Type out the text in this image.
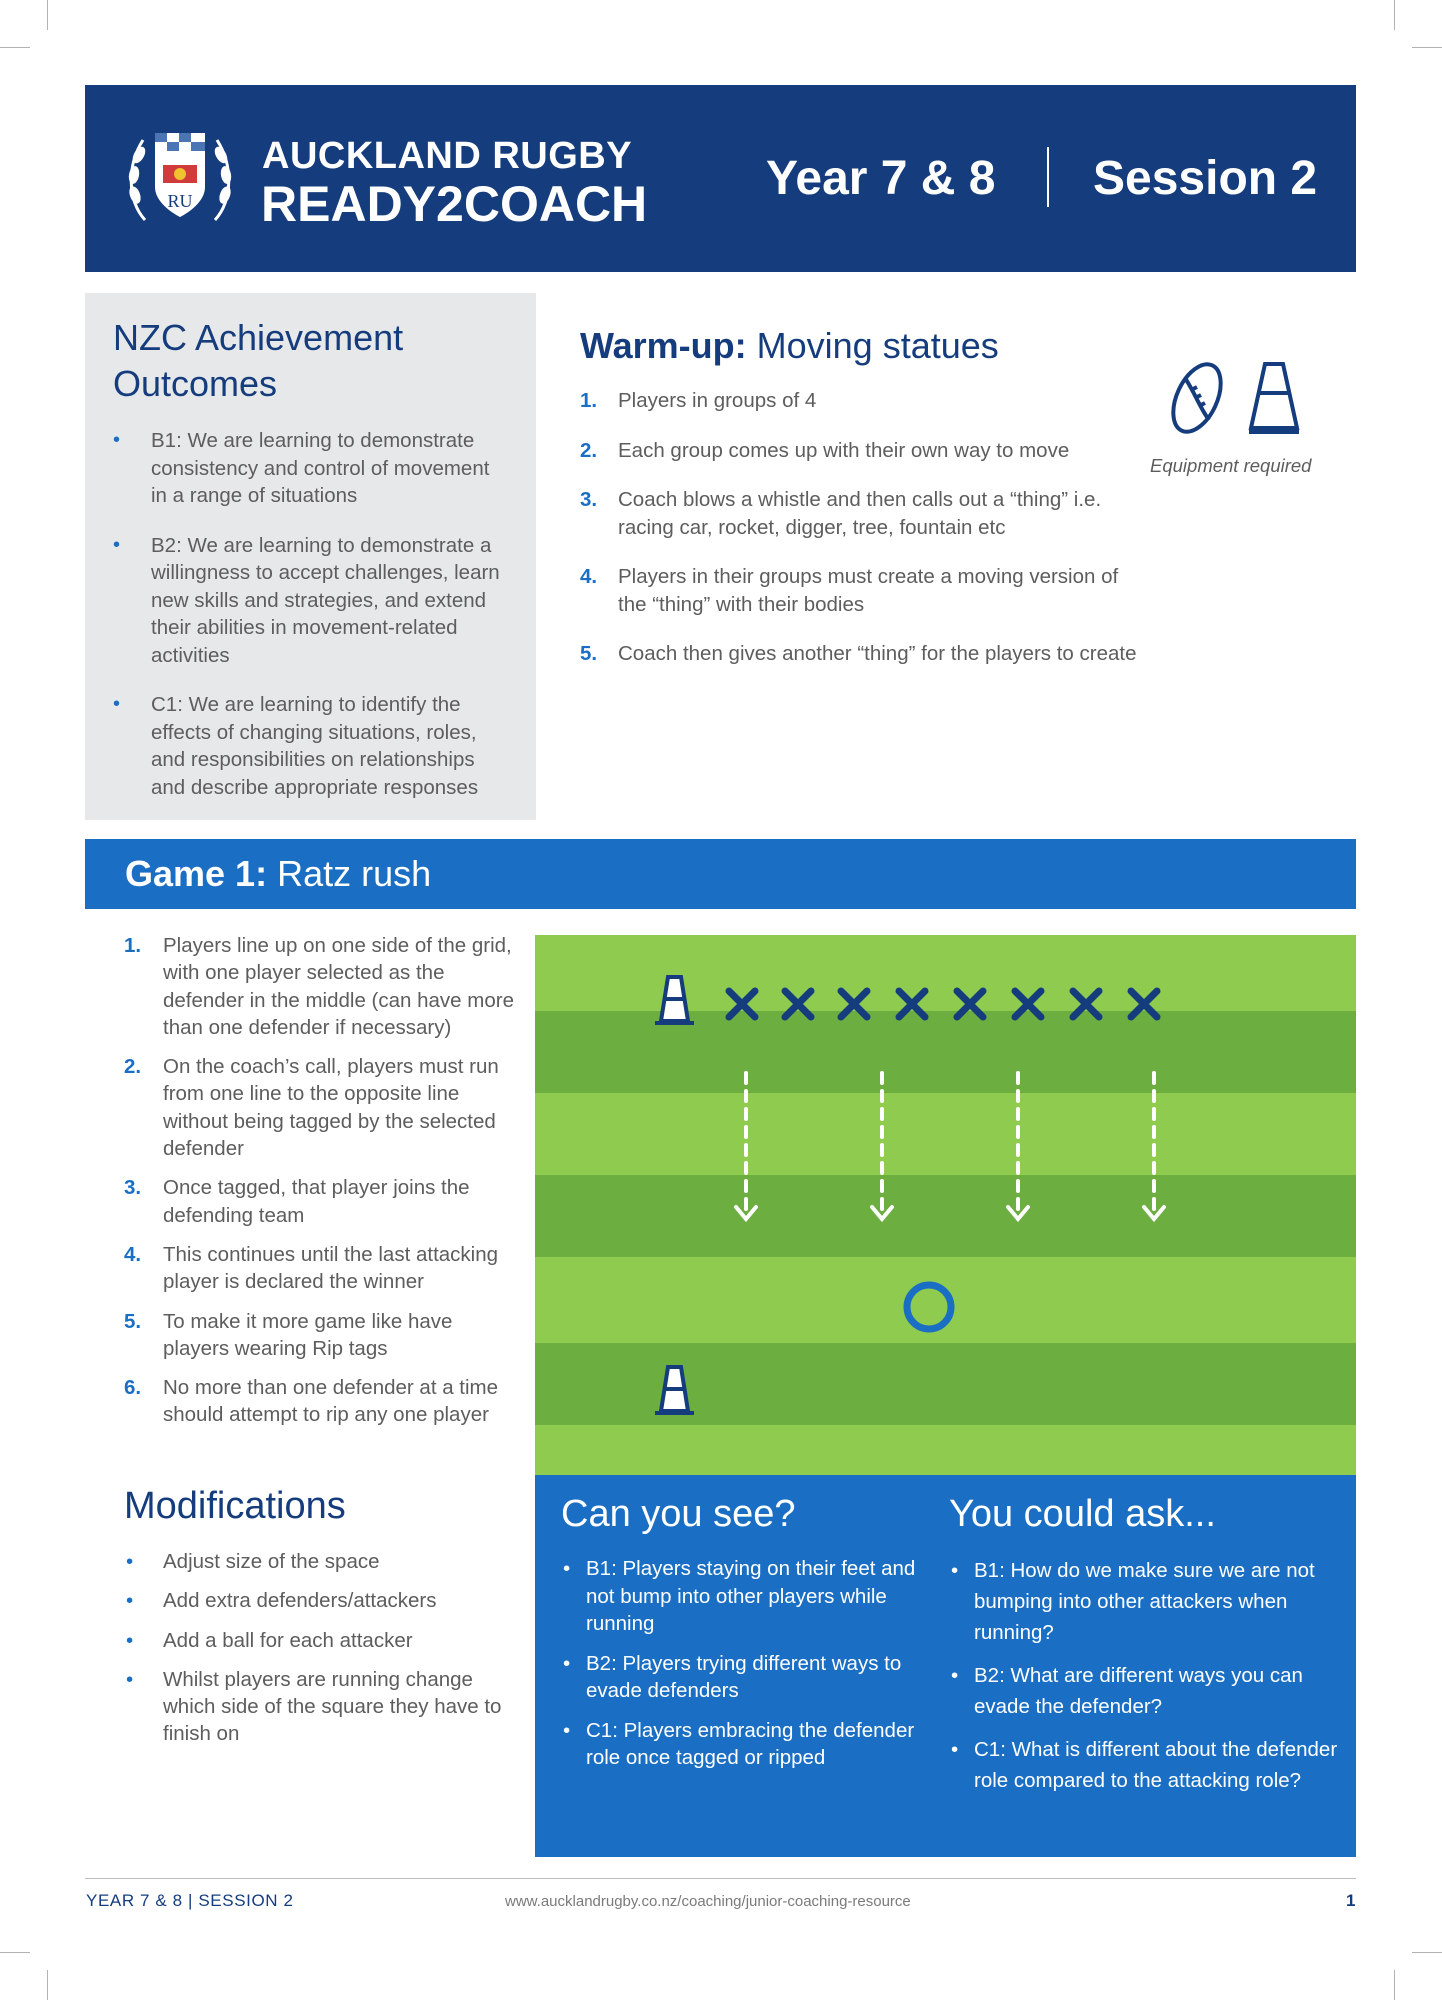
RU
AUCKLAND RUGBY
READY2COACH Year 7 & 8 Session 2
NZC Achievement
Outcomes
• B1: We are learning to demonstrate consistency and control of movement in a range of situations
• B2: We are learning to demonstrate a willingness to accept challenges, learn new skills and strategies, and extend their abilities in movement-related activities
• C1: We are learning to identify the effects of changing situations, roles, and responsibilities on relationships and describe appropriate responses
Warm-up: Moving statues
1. Players in groups of 4
2. Each group comes up with their own way to move
3. Coach blows a whistle and then calls out a “thing” i.e. racing car, rocket, digger, tree, fountain etc
4. Players in their groups must create a moving version of the “thing” with their bodies
5. Coach then gives another “thing” for the players to create
Equipment required
Game 1: Ratz rush
1. Players line up on one side of the grid, with one player selected as the defender in the middle (can have more than one defender if necessary)
2. On the coach’s call, players must run from one line to the opposite line without being tagged by the selected defender
3. Once tagged, that player joins the defending team
4. This continues until the last attacking player is declared the winner
5. To make it more game like have players wearing Rip tags
6. No more than one defender at a time should attempt to rip any one player
Modifications
• Adjust size of the space
• Add extra defenders/attackers
• Add a ball for each attacker
• Whilst players are running change which side of the square they have to finish on
Can you see?
• B1: Players staying on their feet and not bump into other players while running
• B2: Players trying different ways to evade defenders
• C1: Players embracing the defender role once tagged or ripped
You could ask...
• B1: How do we make sure we are not bumping into other attackers when running?
• B2: What are different ways you can evade the defender?
• C1: What is different about the defender role compared to the attacking role?
YEAR 7 & 8 | SESSION 2	www.aucklandrugby.co.nz/coaching/junior-coaching-resource	1
